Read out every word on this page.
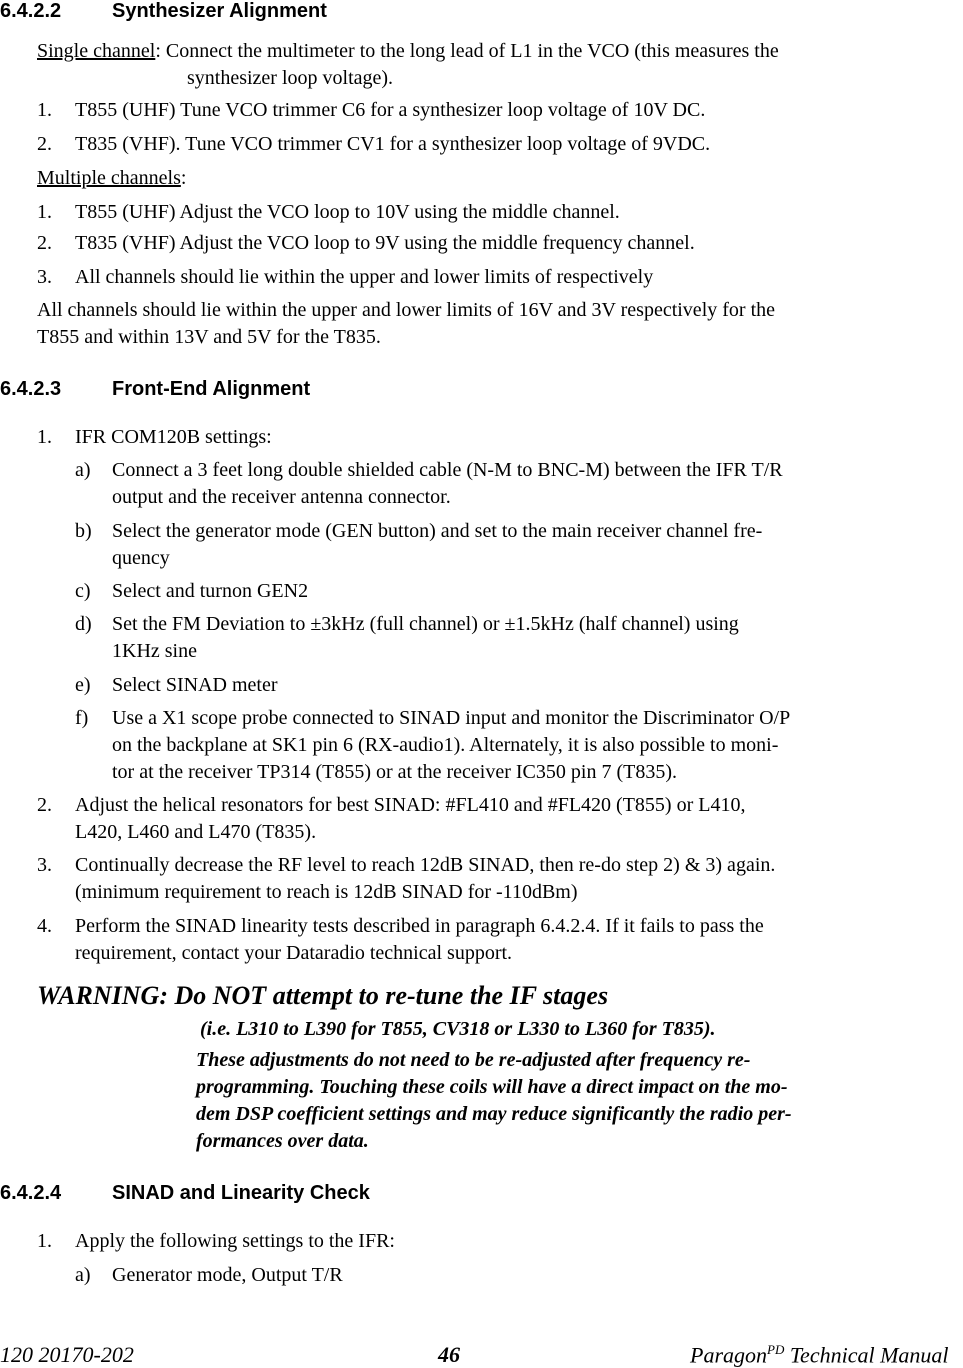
6.4.2.2	Synthesizer Alignment
Single channel: Connect the multimeter to the long lead of L1 in the VCO (this measures the
synthesizer loop voltage).
1. T855 (UHF) Tune VCO trimmer C6 for a synthesizer loop voltage of 10V DC.
2. T835 (VHF). Tune VCO trimmer CV1 for a synthesizer loop voltage of 9VDC.
Multiple channels:
1. T855 (UHF) Adjust the VCO loop to 10V using the middle channel.
2. T835 (VHF) Adjust the VCO loop to 9V using the middle frequency channel.
3. All channels should lie within the upper and lower limits of respectively
All channels should lie within the upper and lower limits of 16V and 3V respectively for the
T855 and within 13V and 5V for the T835.
6.4.2.3	Front-End Alignment
1. IFR COM120B settings:
a) Connect a 3 feet long double shielded cable (N-M to BNC-M) between the IFR T/R
output and the receiver antenna connector.
b) Select the generator mode (GEN button) and set to the main receiver channel fre-
quency
c) Select and turnon GEN2
d) Set the FM Deviation to ±3kHz (full channel) or ±1.5kHz (half channel) using
1KHz sine
e) Select SINAD meter
f) Use a X1 scope probe connected to SINAD input and monitor the Discriminator O/P
on the backplane at SK1 pin 6 (RX-audio1). Alternately, it is also possible to moni-
tor at the receiver TP314 (T855) or at the receiver IC350 pin 7 (T835).
2. Adjust the helical resonators for best SINAD: #FL410 and #FL420 (T855) or L410,
L420, L460 and L470 (T835).
3. Continually decrease the RF level to reach 12dB SINAD, then re-do step 2) & 3) again.
(minimum requirement to reach is 12dB SINAD for -110dBm)
4. Perform the SINAD linearity tests described in paragraph 6.4.2.4. If it fails to pass the
requirement, contact your Dataradio technical support.
WARNING: Do NOT attempt to re-tune the IF stages
(i.e. L310 to L390 for T855, CV318 or L330 to L360 for T835).
These adjustments do not need to be re-adjusted after frequency re-
programming. Touching these coils will have a direct impact on the mo-
dem DSP coefficient settings and may reduce significantly the radio per-
formances over data.
6.4.2.4	SINAD and Linearity Check
1. Apply the following settings to the IFR:
a) Generator mode, Output T/R
120 20170-202	46	Paragon$^{PD}$ Technical Manual
